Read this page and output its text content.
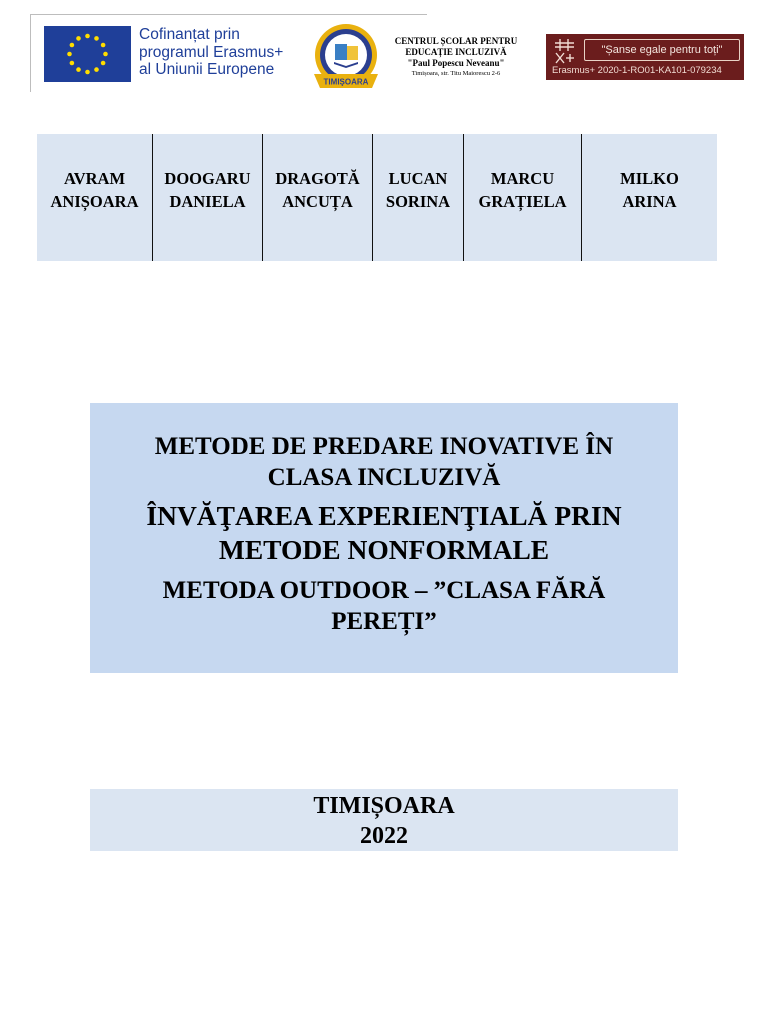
Cofinanțat prin
programul Erasmus+
al Uniunii Europene
TIMIŞOARA
CENTRUL ȘCOLAR PENTRU
EDUCAȚIE INCLUZIVĂ
"Paul Popescu Neveanu"
Timișoara, str. Titu Maiorescu 2-6
"Șanse egale pentru toți"
Erasmus+ 2020-1-RO01-KA101-079234
AVRAM
ANIȘOARA
DOOGARU
DANIELA
DRAGOTĂ
ANCUȚA
LUCAN
SORINA
MARCU
GRAȚIELA
MILKO
ARINA
METODE DE PREDARE INOVATIVE ÎN
CLASA INCLUZIVĂ
ÎNVĂŢAREA EXPERIENŢIALĂ PRIN
METODE NONFORMALE
METODA OUTDOOR – ”CLASA FĂRĂ
PEREȚI”
TIMIȘOARA
2022
